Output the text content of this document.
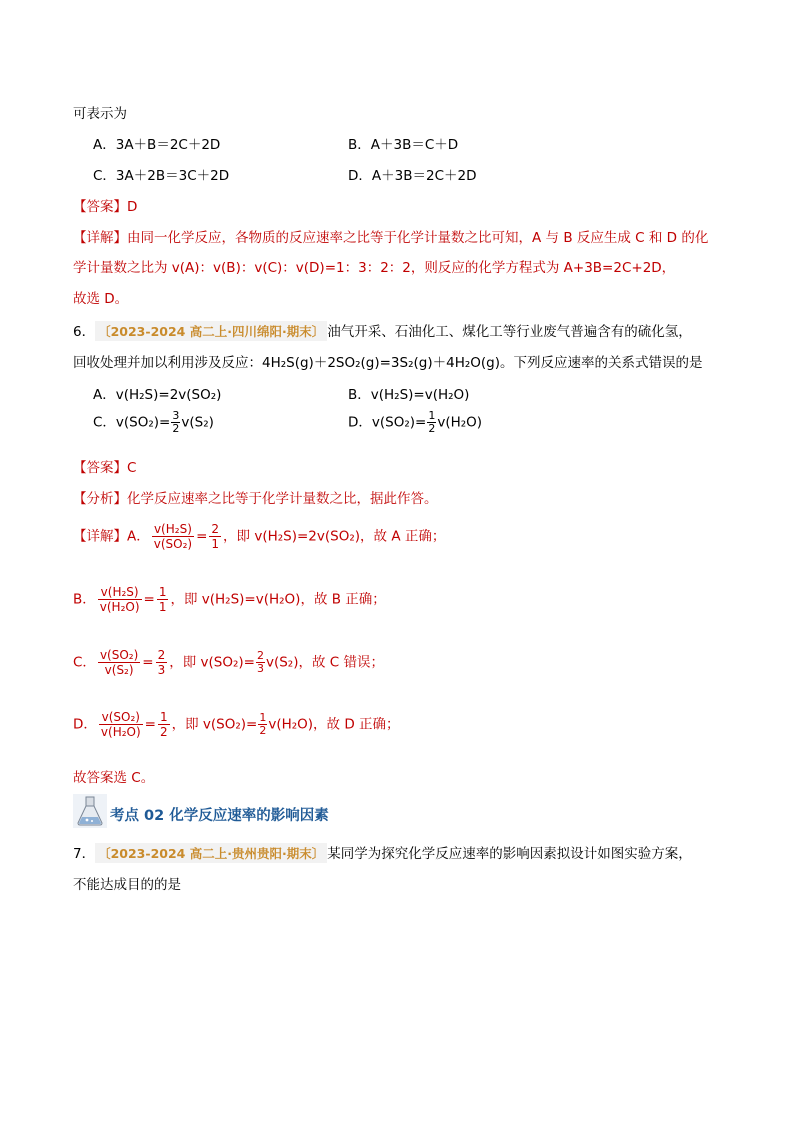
可表示为
A．3A＋B＝2C＋2D	B．A＋3B＝C＋D
C．3A＋2B＝3C＋2D	D．A＋3B＝2C＋2D
【答案】D
【详解】由同一化学反应，各物质的反应速率之比等于化学计量数之比可知，A 与 B 反应生成 C 和 D 的化
学计量数之比为 v(A)：v(B)：v(C)：v(D)=1：3：2：2，则反应的化学方程式为 A+3B=2C+2D，
故选 D。
6． 〔2023-2024 高二上·四川绵阳·期末〕 油气开采、石油化工、煤化工等行业废气普遍含有的硫化氢，
回收处理并加以利用涉及反应：4H₂S(g)＋2SO₂(g)=3S₂(g)＋4H₂O(g)。下列反应速率的关系式错误的是
A．v(H₂S)=2v(SO₂)	B．v(H₂S)=v(H₂O)
C．$v(SO_2)= \frac{3}{2} v(S_2)$	D．$v(SO_2)= \frac{1}{2} v(H_2O)$
【答案】C
【分析】化学反应速率之比等于化学计量数之比，据此作答。
【详解】A． $\frac{\text{v(H₂S)}}{\text{v(SO₂)}} = \frac{2}{1}$ ，即 v(H₂S)=2v(SO₂)，故 A 正确；
B． $\frac{\text{v(H₂S)}}{\text{v(H₂O)}} = \frac{1}{1}$ ，即 v(H₂S)=v(H₂O)，故 B 正确；
C． $\frac{\text{v(SO₂)}}{\text{v(S₂)}} = \frac{2}{3}$ ，即 $v(SO_2)= \frac{2}{3} v(S_2)$，故 C 错误；
D． $\frac{\text{v(SO₂)}}{\text{v(H₂O)}} = \frac{1}{2}$ ，即 $v(SO_2)= \frac{1}{2} v(H_2O)$，故 D 正确；
故答案选 C。
考点 02 化学反应速率的影响因素
7． 〔2023-2024 高二上·贵州贵阳·期末〕 某同学为探究化学反应速率的影响因素拟设计如图实验方案，
不能达成目的的是
